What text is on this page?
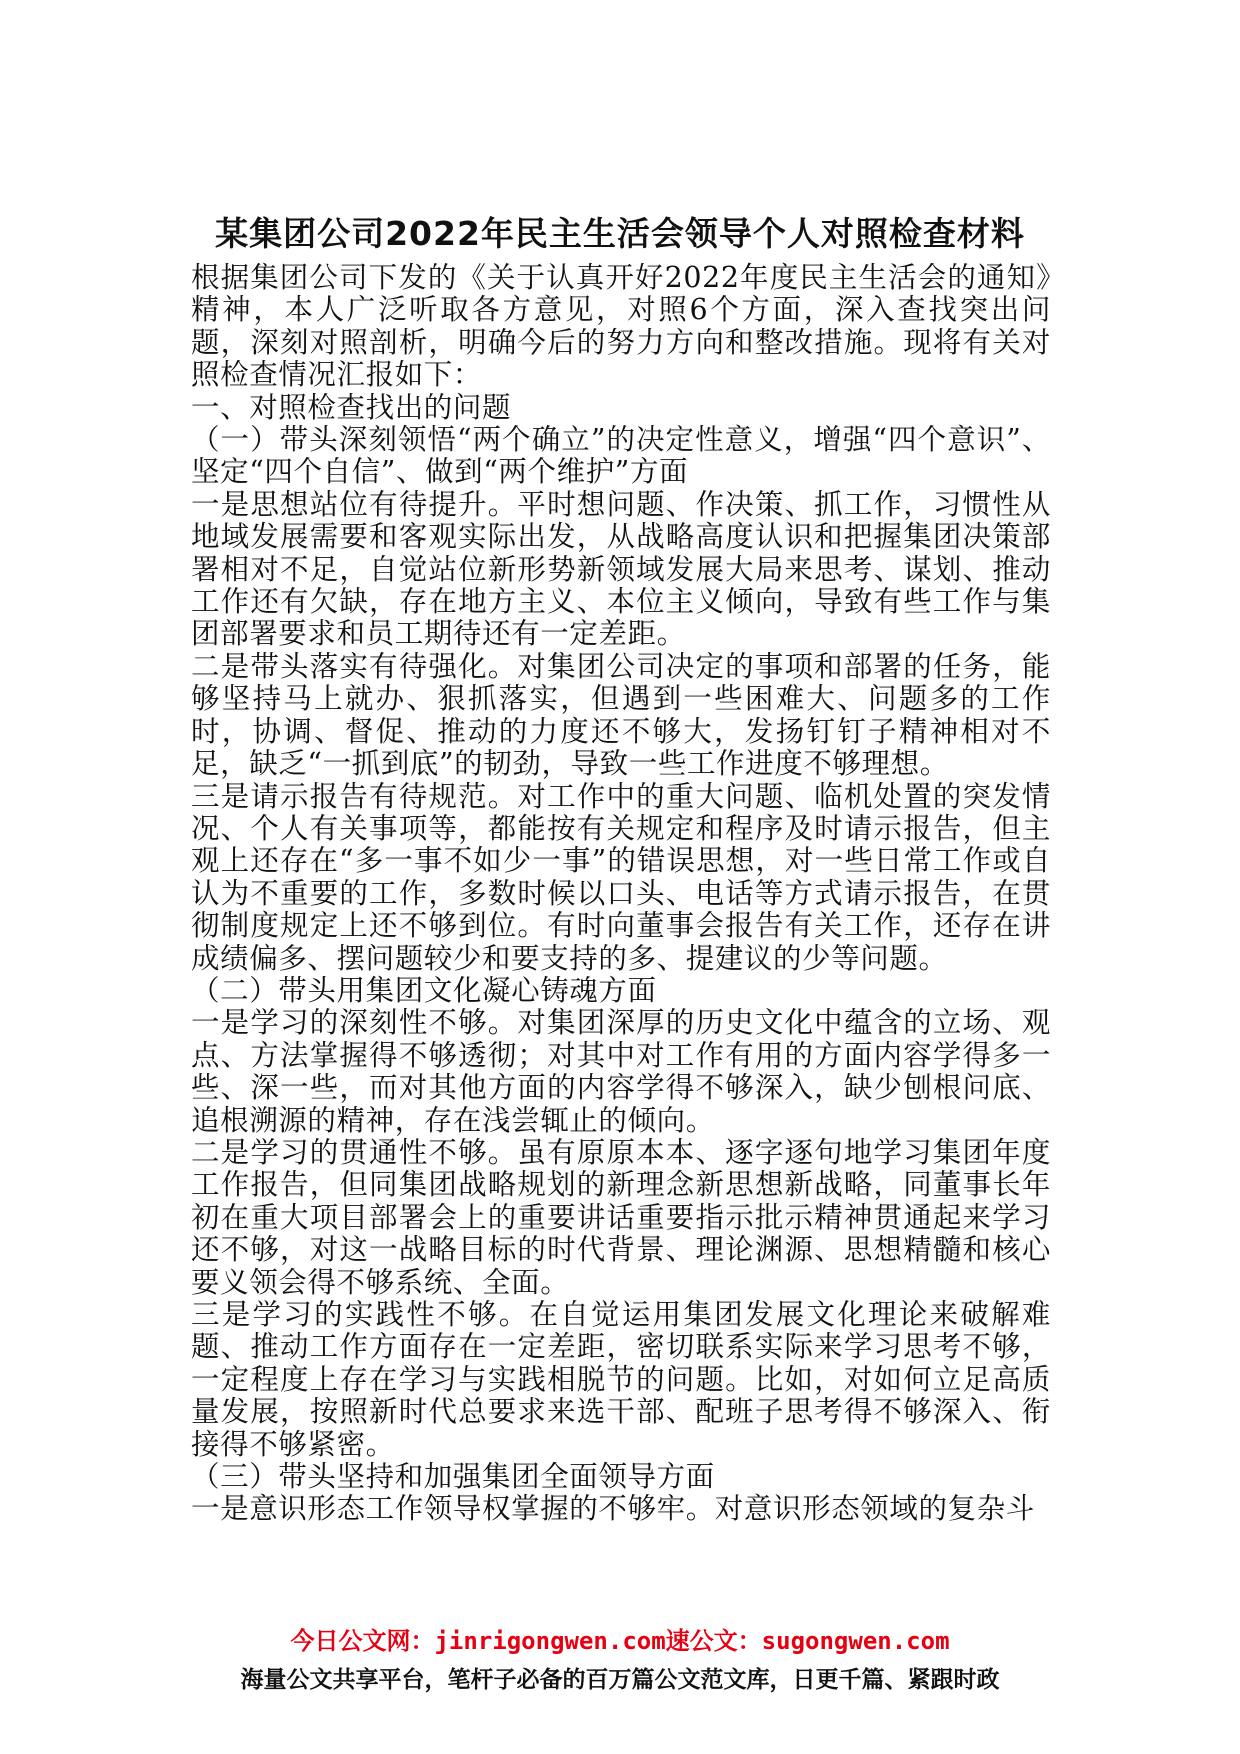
某集团公司2022年民主生活会领导个人对照检查材料

根据集团公司下发的《关于认真开好2022年度民主生活会的通知》精神，本人广泛听取各方意见，对照6个方面，深入查找突出问题，深刻对照剖析，明确今后的努力方向和整改措施。现将有关对照检查情况汇报如下：

一、对照检查找出的问题

（一）带头深刻领悟“两个确立”的决定性意义，增强“四个意识”、坚定“四个自信”、做到“两个维护”方面

一是思想站位有待提升。平时想问题、作决策、抓工作，习惯性从地域发展需要和客观实际出发，从战略高度认识和把握集团决策部署相对不足，自觉站位新形势新领域发展大局来思考、谋划、推动工作还有欠缺，存在地方主义、本位主义倾向，导致有些工作与集团部署要求和员工期待还有一定差距。

二是带头落实有待强化。对集团公司决定的事项和部署的任务，能够坚持马上就办、狠抓落实，但遇到一些困难大、问题多的工作时，协调、督促、推动的力度还不够大，发扬钉钉子精神相对不足，缺乏“一抓到底”的韧劲，导致一些工作进度不够理想。

三是请示报告有待规范。对工作中的重大问题、临机处置的突发情况、个人有关事项等，都能按有关规定和程序及时请示报告，但主观上还存在“多一事不如少一事”的错误思想，对一些日常工作或自认为不重要的工作，多数时候以口头、电话等方式请示报告，在贯彻制度规定上还不够到位。有时向董事会报告有关工作，还存在讲成绩偏多、摆问题较少和要支持的多、提建议的少等问题。

（二）带头用集团文化凝心铸魂方面

一是学习的深刻性不够。对集团深厚的历史文化中蕴含的立场、观点、方法掌握得不够透彻；对其中对工作有用的方面内容学得多一些、深一些，而对其他方面的内容学得不够深入，缺少刨根问底、追根溯源的精神，存在浅尝辄止的倾向。

二是学习的贯通性不够。虽有原原本本、逐字逐句地学习集团年度工作报告，但同集团战略规划的新理念新思想新战略，同董事长年初在重大项目部署会上的重要讲话重要指示批示精神贯通起来学习还不够，对这一战略目标的时代背景、理论渊源、思想精髓和核心要义领会得不够系统、全面。

三是学习的实践性不够。在自觉运用集团发展文化理论来破解难题、推动工作方面存在一定差距，密切联系实际来学习思考不够，一定程度上存在学习与实践相脱节的问题。比如，对如何立足高质量发展，按照新时代总要求来选干部、配班子思考得不够深入、衔接得不够紧密。

（三）带头坚持和加强集团全面领导方面

一是意识形态工作领导权掌握的不够牢。对意识形态领域的复杂斗

今日公文网：jinrigongwen.com速公文：sugongwen.com
海量公文共享平台，笔杆子必备的百万篇公文范文库，日更千篇、紧跟时政
